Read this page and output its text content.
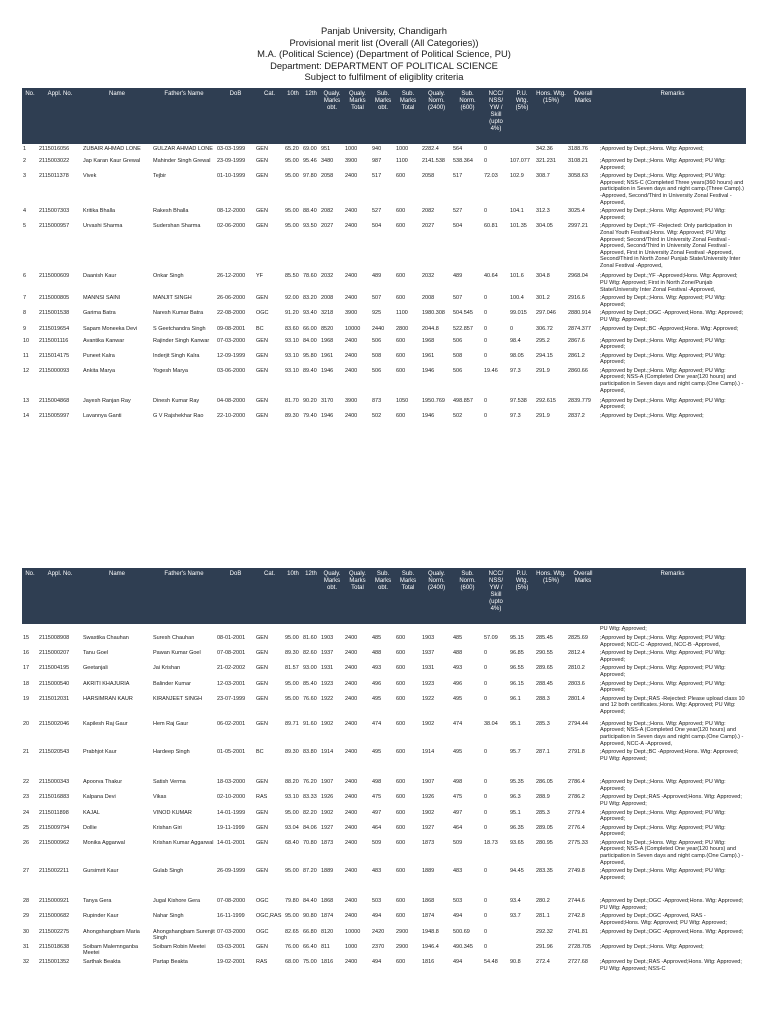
Panjab University, Chandigarh
Provisional merit list (Overall (All Categories))
M.A. (Political Science) (Department of Political Science, PU)
Department: DEPARTMENT OF POLITICAL SCIENCE
Subject to fulfilment of eligiblity criteria
No.	Appl. No.	Name	Father's Name	DoB	Cat.	10th	12th	Qualy. Marks obt.	Qualy. Marks Total	Sub. Marks obt.	Sub. Marks Total	Qualy. Norm. (2400)	Sub. Norm. (600)	NCC/ NSS/ YW / Skill (upto 4%)	P.U. Wtg. (5%)	Hons. Wtg. (15%)	Overall Marks	Remarks
1	2115016056	ZUBAIR AHMAD LONE	GULZAR AHMAD LONE	03-03-1999	GEN	65.20	69.00	951	1000	940	1000	2282.4	564	0		342.36	3188.76	;Approved by Dept.;;Hons. Wtg: Approved;
2	2115003022	Jap Karan Kaur Grewal	Mahinder Singh Grewal	23-09-1999	GEN	95.00	95.46	3480	3900	987	1100	2141.538	538.364	0	107.077	321.231	3108.21	;Approved by Dept.;;Hons. Wtg: Approved; PU Wtg: Approved;
3	2115011378	Vivek	Tejbir	01-10-1999	GEN	95.00	97.80	2058	2400	517	600	2058	517	72.03	102.9	308.7	3058.63	;Approved by Dept.;;Hons. Wtg: Approved; PU Wtg: Approved; NSS-C (Completed Three years(360 hours) and participation in Seven days and night camp.(Three Camp).) -Approved, Second/Third in University Zonal Festival -Approved,
4	2115007303	Kritika Bhalla	Rakesh Bhalla	08-12-2000	GEN	95.00	88.40	2082	2400	527	600	2082	527	0	104.1	312.3	3025.4	;Approved by Dept.;;Hons. Wtg: Approved; PU Wtg: Approved;
5	2115000957	Urvashi Sharma	Sudershan Sharma	02-06-2000	GEN	95.00	93.50	2027	2400	504	600	2027	504	60.81	101.35	304.05	2997.21	;Approved by Dept.;YF -Rejected: Only participation in Zonal Youth Festival;Hons. Wtg: Approved; PU Wtg: Approved; Second/Third in University Zonal Festival -Approved, Second/Third in University Zonal Festival -Approved, First in University Zonal Festival -Approved, Second/Third in North Zone/ Punjab State/University Inter Zonal Festival -Approved,
6	2115000609	Daanish Kaur	Onkar Singh	26-12-2000	YF	85.50	78.60	2032	2400	489	600	2032	489	40.64	101.6	304.8	2968.04	;Approved by Dept.;YF -Approved;Hons. Wtg: Approved; PU Wtg: Approved; First in North Zone/Punjab State/University Inter Zonal Festival -Approved,
7	2115000805	MANNSI SAINI	MANJIT SINGH	26-06-2000	GEN	92.00	83.20	2008	2400	507	600	2008	507	0	100.4	301.2	2916.6	;Approved by Dept.;;Hons. Wtg: Approved; PU Wtg: Approved;
8	2115001538	Garima Batra	Naresh Kumar Batra	22-08-2000	OGC	91.20	93.40	3218	3900	925	1100	1980.308	504.545	0	99.015	297.046	2880.914	;Approved by Dept.;OGC -Approved;Hons. Wtg: Approved; PU Wtg: Approved;
9	2115019654	Sapam Moneeka Devi	S Geetchandra Singh	09-08-2001	BC	83.60	66.00	8520	10000	2440	2800	2044.8	522.857	0	0	306.72	2874.377	;Approved by Dept.;BC -Approved;Hons. Wtg: Approved;
10	2115001116	Avantika Kanwar	Rajinder Singh Kanwar	07-03-2000	GEN	93.10	84.00	1968	2400	506	600	1968	506	0	98.4	295.2	2867.6	;Approved by Dept.;;Hons. Wtg: Approved; PU Wtg: Approved;
11	2115014175	Puneet Kalra	Inderjit Singh Kalra	12-09-1999	GEN	93.10	95.80	1961	2400	508	600	1961	508	0	98.05	294.15	2861.2	;Approved by Dept.;;Hons. Wtg: Approved; PU Wtg: Approved;
12	2115000093	Ankita Marya	Yogesh Marya	03-06-2000	GEN	93.10	89.40	1946	2400	506	600	1946	506	19.46	97.3	291.9	2860.66	;Approved by Dept.;;Hons. Wtg: Approved; PU Wtg: Approved; NSS-A (Completed One year(120 hours) and participation in Seven days and night camp.(One Camp).) -Approved,
13	2115004868	Jayesh Ranjan Ray	Dinesh Kumar Ray	04-08-2000	GEN	81.70	90.20	3170	3900	873	1050	1950.769	498.857	0	97.538	292.615	2839.779	;Approved by Dept.;;Hons. Wtg: Approved; PU Wtg: Approved;
14	2115005997	Lavannya Ganti	G V Rajshekhar Rao	22-10-2000	GEN	89.30	79.40	1946	2400	502	600	1946	502	0	97.3	291.9	2837.2	;Approved by Dept.;;Hons. Wtg: Approved;
No.	Appl. No.	Name	Father's Name	DoB	Cat.	10th	12th	Qualy. Marks obt.	Qualy. Marks Total	Sub. Marks obt.	Sub. Marks Total	Qualy. Norm. (2400)	Sub. Norm. (600)	NCC/ NSS/ YW / Skill (upto 4%)	P.U. Wtg. (5%)	Hons. Wtg. (15%)	Overall Marks	Remarks
																		PU Wtg: Approved;
15	2115008908	Swastika Chauhan	Suresh Chauhan	08-01-2001	GEN	95.00	81.60	1903	2400	485	600	1903	485	57.09	95.15	285.45	2825.69	;Approved by Dept.;;Hons. Wtg: Approved; PU Wtg: Approved; NCC-C -Approved, NCC-B -Approved,
16	2115000207	Tanu Goel	Pawan Kumar Goel	07-08-2001	GEN	89.30	82.60	1937	2400	488	600	1937	488	0	96.85	290.55	2812.4	;Approved by Dept.;;Hons. Wtg: Approved; PU Wtg: Approved;
17	2115004195	Geetanjali	Jai Krishan	21-02-2002	GEN	81.57	93.00	1931	2400	493	600	1931	493	0	96.55	289.65	2810.2	;Approved by Dept.;;Hons. Wtg: Approved; PU Wtg: Approved;
18	2115000540	AKRITI KHAJURIA	Balinder Kumar	12-03-2001	GEN	95.00	85.40	1923	2400	496	600	1923	496	0	96.15	288.45	2803.6	;Approved by Dept.;;Hons. Wtg: Approved; PU Wtg: Approved;
19	2115012031	HARSIMRAN KAUR	KIRANJEET SINGH	23-07-1999	GEN	95.00	76.60	1922	2400	495	600	1922	495	0	96.1	288.3	2801.4	;Approved by Dept.;RAS -Rejected: Please upload class 10 and 12 both certificates.;Hons. Wtg: Approved; PU Wtg: Approved;
20	2115002046	Kapilesh Raj Gaur	Hem Raj Gaur	06-02-2001	GEN	89.71	91.60	1902	2400	474	600	1902	474	38.04	95.1	285.3	2794.44	;Approved by Dept.;;Hons. Wtg: Approved; PU Wtg: Approved; NSS-A (Completed One year(120 hours) and participation in Seven days and night camp.(One Camp).) -Approved, NCC-A -Approved,
21	2115020543	Prabhjot Kaur	Hardeep Singh	01-05-2001	BC	89.30	83.80	1914	2400	495	600	1914	495	0	95.7	287.1	2791.8	;Approved by Dept.;BC -Approved;Hons. Wtg: Approved; PU Wtg: Approved;
22	2115000343	Apoorva Thakur	Satish Verma	18-03-2000	GEN	88.20	76.20	1907	2400	498	600	1907	498	0	95.35	286.05	2786.4	;Approved by Dept.;;Hons. Wtg: Approved; PU Wtg: Approved;
23	2115016883	Kalpana Devi	Vikas	02-10-2000	RAS	93.10	83.33	1926	2400	475	600	1926	475	0	96.3	288.9	2786.2	;Approved by Dept.;RAS -Approved;Hons. Wtg: Approved; PU Wtg: Approved;
24	2115011898	KAJAL	VINOD KUMAR	14-01-1999	GEN	95.00	82.20	1902	2400	497	600	1902	497	0	95.1	285.3	2779.4	;Approved by Dept.;;Hons. Wtg: Approved; PU Wtg: Approved;
25	2115009794	Dollie	Krishan Giri	19-11-1999	GEN	93.04	84.06	1927	2400	464	600	1927	464	0	96.35	289.05	2776.4	;Approved by Dept.;;Hons. Wtg: Approved; PU Wtg: Approved;
26	2115000962	Monika Aggarwal	Krishan Kumar Aggarwal	14-01-2001	GEN	68.40	70.80	1873	2400	509	600	1873	509	18.73	93.65	280.95	2775.33	;Approved by Dept.;;Hons. Wtg: Approved; PU Wtg: Approved; NSS-A (Completed One year(120 hours) and participation in Seven days and night camp.(One Camp).) -Approved,
27	2115002211	Gursimrit Kaur	Gulab Singh	26-09-1999	GEN	95.00	87.20	1889	2400	483	600	1889	483	0	94.45	283.35	2749.8	;Approved by Dept.;;Hons. Wtg: Approved; PU Wtg: Approved;
28	2115000921	Tanya Gera	Jugal Kishore Gera	07-08-2000	OGC	79.80	84.40	1868	2400	503	600	1868	503	0	93.4	280.2	2744.6	;Approved by Dept.;OGC -Approved;Hons. Wtg: Approved; PU Wtg: Approved;
29	2115000682	Rupinder Kaur	Nahar Singh	16-11-1999	OGC,RAS	95.00	90.80	1874	2400	494	600	1874	494	0	93.7	281.1	2742.8	;Approved by Dept.;OGC -Approved, RAS -Approved;Hons. Wtg: Approved; PU Wtg: Approved;
30	2115002275	Ahongshangbam Maria	Ahongshangbam Surenjit Singh	07-03-2000	OGC	82.65	66.80	8120	10000	2420	2900	1948.8	500.69	0		292.32	2741.81	;Approved by Dept.;OGC -Approved;Hons. Wtg: Approved;
31	2115018638	Soibam Malemnganba Meetei	Soibam Robin Meetei	03-03-2001	GEN	76.00	66.40	811	1000	2370	2900	1946.4	490.345	0		291.96	2728.705	;Approved by Dept.;;Hons. Wtg: Approved;
32	2115001352	Sarthak Beakta	Partap Beakta	19-02-2001	RAS	68.00	75.00	1816	2400	494	600	1816	494	54.48	90.8	272.4	2727.68	;Approved by Dept.;RAS -Approved;Hons. Wtg: Approved; PU Wtg: Approved; NSS-C
